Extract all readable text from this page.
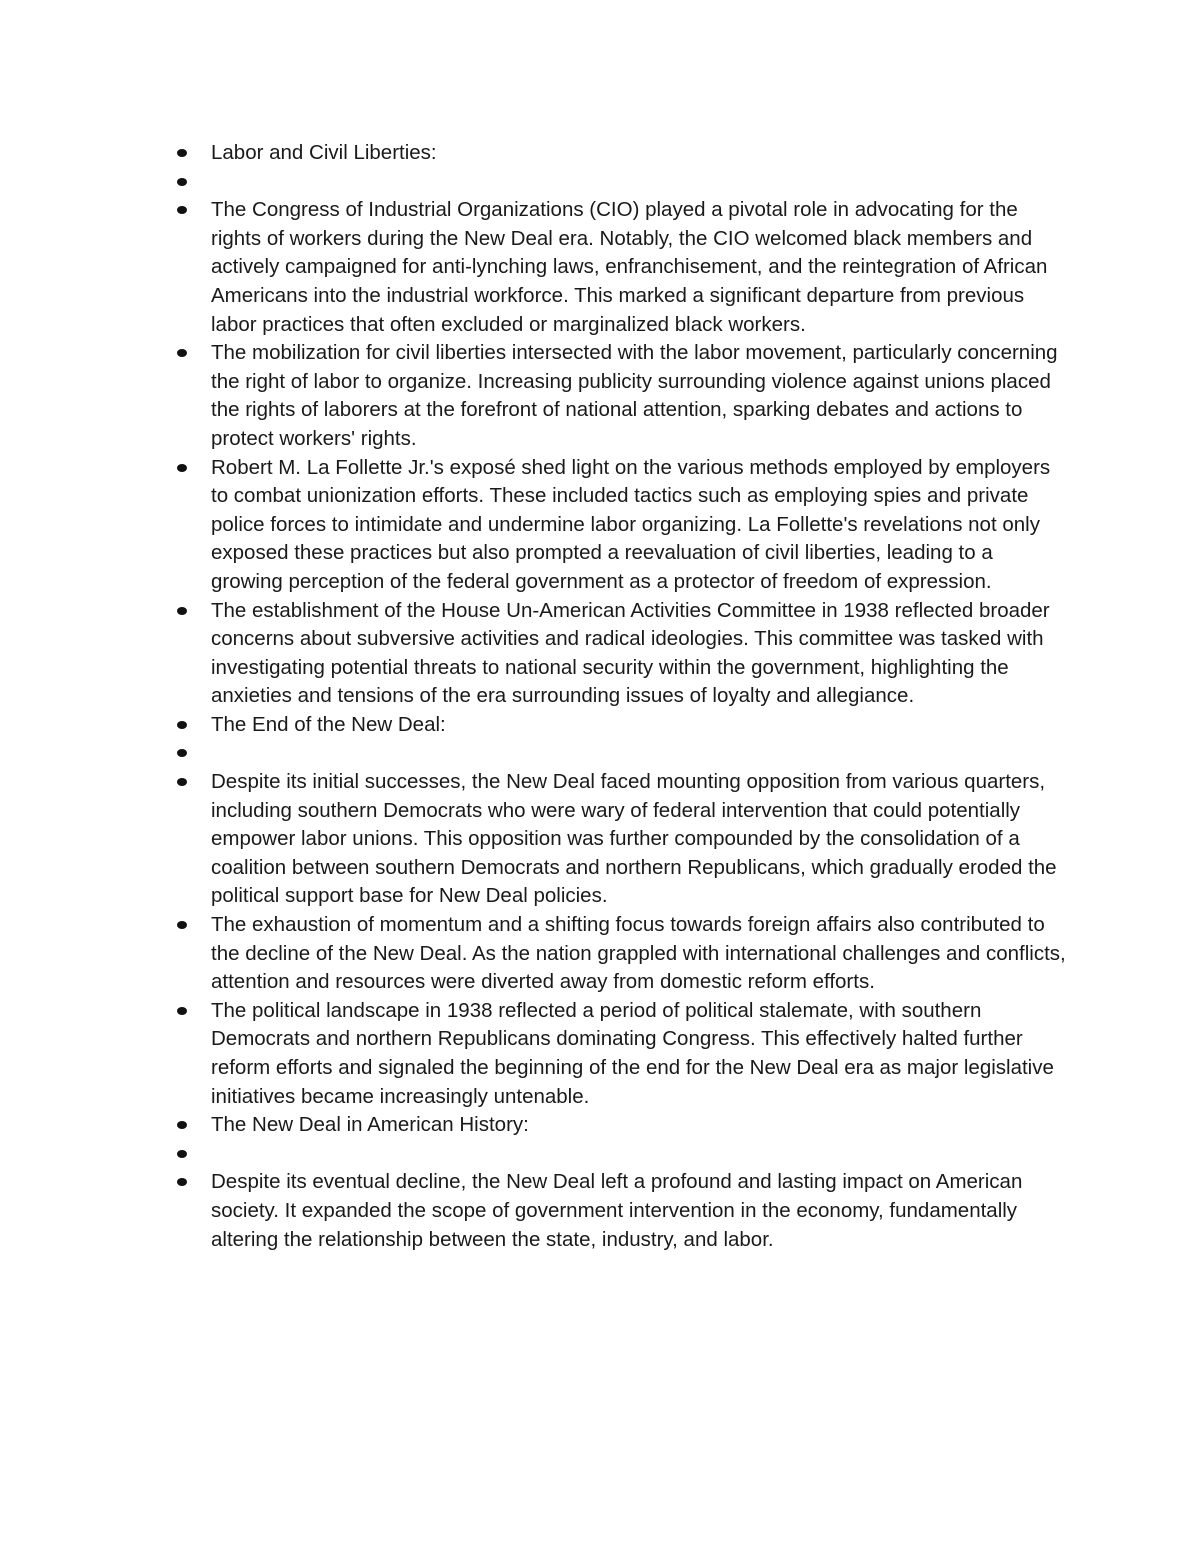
Labor and Civil Liberties:
The Congress of Industrial Organizations (CIO) played a pivotal role in advocating for the rights of workers during the New Deal era. Notably, the CIO welcomed black members and actively campaigned for anti-lynching laws, enfranchisement, and the reintegration of African Americans into the industrial workforce. This marked a significant departure from previous labor practices that often excluded or marginalized black workers.
The mobilization for civil liberties intersected with the labor movement, particularly concerning the right of labor to organize. Increasing publicity surrounding violence against unions placed the rights of laborers at the forefront of national attention, sparking debates and actions to protect workers' rights.
Robert M. La Follette Jr.'s exposé shed light on the various methods employed by employers to combat unionization efforts. These included tactics such as employing spies and private police forces to intimidate and undermine labor organizing. La Follette's revelations not only exposed these practices but also prompted a reevaluation of civil liberties, leading to a growing perception of the federal government as a protector of freedom of expression.
The establishment of the House Un-American Activities Committee in 1938 reflected broader concerns about subversive activities and radical ideologies. This committee was tasked with investigating potential threats to national security within the government, highlighting the anxieties and tensions of the era surrounding issues of loyalty and allegiance.
The End of the New Deal:
Despite its initial successes, the New Deal faced mounting opposition from various quarters, including southern Democrats who were wary of federal intervention that could potentially empower labor unions. This opposition was further compounded by the consolidation of a coalition between southern Democrats and northern Republicans, which gradually eroded the political support base for New Deal policies.
The exhaustion of momentum and a shifting focus towards foreign affairs also contributed to the decline of the New Deal. As the nation grappled with international challenges and conflicts, attention and resources were diverted away from domestic reform efforts.
The political landscape in 1938 reflected a period of political stalemate, with southern Democrats and northern Republicans dominating Congress. This effectively halted further reform efforts and signaled the beginning of the end for the New Deal era as major legislative initiatives became increasingly untenable.
The New Deal in American History:
Despite its eventual decline, the New Deal left a profound and lasting impact on American society. It expanded the scope of government intervention in the economy, fundamentally altering the relationship between the state, industry, and labor.
